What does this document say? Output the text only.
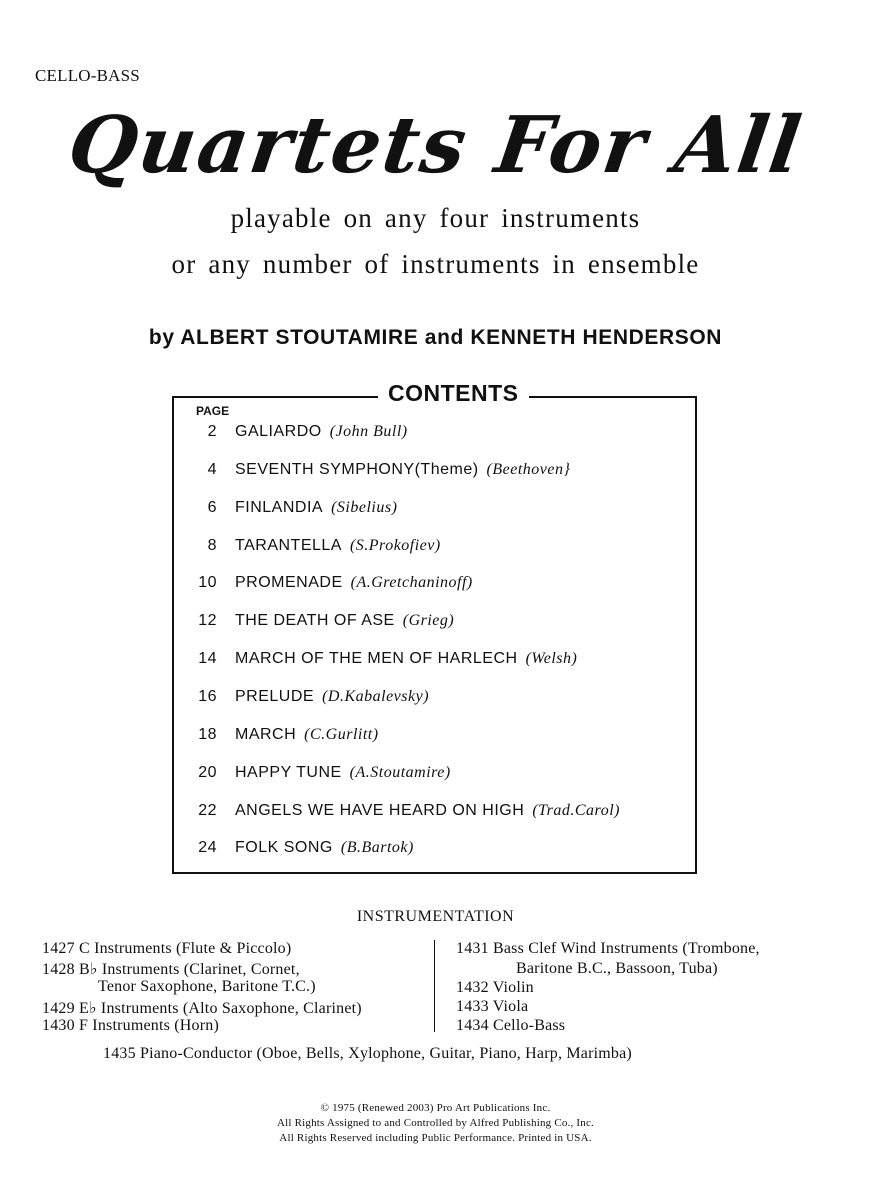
CELLO-BASS
Quartets For All
playable on any four instruments
or any number of instruments in ensemble
by ALBERT STOUTAMIRE and KENNETH HENDERSON
CONTENTS
PAGE
2 GALIARDO (John Bull)
4 SEVENTH SYMPHONY(Theme) (Beethoven}
6 FINLANDIA (Sibelius)
8 TARANTELLA (S.Prokofiev)
10 PROMENADE (A.Gretchaninoff)
12 THE DEATH OF ASE (Grieg)
14 MARCH OF THE MEN OF HARLECH (Welsh)
16 PRELUDE (D.Kabalevsky)
18 MARCH (C.Gurlitt)
20 HAPPY TUNE (A.Stoutamire)
22 ANGELS WE HAVE HEARD ON HIGH (Trad.Carol)
24 FOLK SONG (B.Bartok)
INSTRUMENTATION
1427 C Instruments (Flute & Piccolo)
1428 B♭ Instruments (Clarinet, Cornet,
Tenor Saxophone, Baritone T.C.)
1429 E♭ Instruments (Alto Saxophone, Clarinet)
1430 F Instruments (Horn)
1431 Bass Clef Wind Instruments (Trombone,
Baritone B.C., Bassoon, Tuba)
1432 Violin
1433 Viola
1434 Cello-Bass
1435 Piano-Conductor (Oboe, Bells, Xylophone, Guitar, Piano, Harp, Marimba)
© 1975 (Renewed 2003) Pro Art Publications Inc.
All Rights Assigned to and Controlled by Alfred Publishing Co., Inc.
All Rights Reserved including Public Performance. Printed in USA.
